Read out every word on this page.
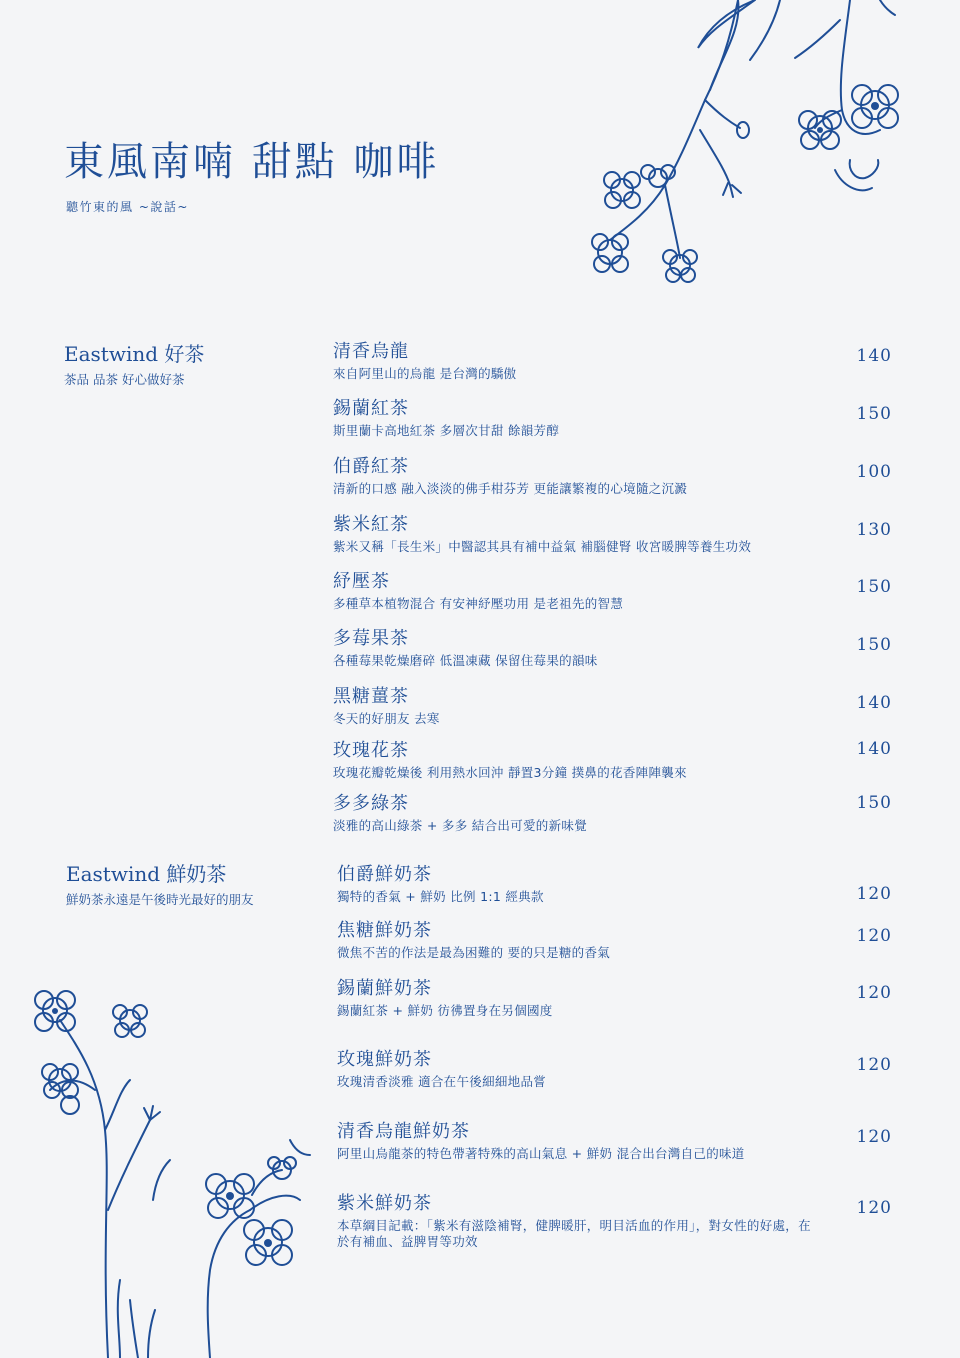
東風南喃 甜點 咖啡
聽竹東的風 ~說話~
Eastwind 好茶
茶品 品茶 好心做好茶
清香烏龍
來自阿里山的烏龍 是台灣的驕傲
140
錫蘭紅茶
斯里蘭卡高地紅茶 多層次甘甜 餘韻芳醇
150
伯爵紅茶
清新的口感 融入淡淡的佛手柑芬芳 更能讓繁複的心境隨之沉澱
100
紫米紅茶
紫米又稱「長生米」中醫認其具有補中益氣 補腦健腎 收宮暖脾等養生功效
130
紓壓茶
多種草本植物混合 有安神紓壓功用 是老祖先的智慧
150
多莓果茶
各種莓果乾燥磨碎 低溫凍藏 保留住莓果的韻味
150
黑糖薑茶
冬天的好朋友 去寒
140
玫瑰花茶
玫瑰花瓣乾燥後 利用熱水回沖 靜置3分鐘 撲鼻的花香陣陣襲來
140
多多綠茶
淡雅的高山綠茶 + 多多 結合出可愛的新味覺
150
Eastwind 鮮奶茶
鮮奶茶永遠是午後時光最好的朋友
伯爵鮮奶茶
獨特的香氣 + 鮮奶 比例 1:1 經典款	120
焦糖鮮奶茶
微焦不苦的作法是最為困難的 要的只是糖的香氣
120
錫蘭鮮奶茶
錫蘭紅茶 + 鮮奶 彷彿置身在另個國度
120
玫瑰鮮奶茶
玫瑰清香淡雅 適合在午後細細地品嘗
120
清香烏龍鮮奶茶
阿里山烏龍茶的特色帶著特殊的高山氣息 + 鮮奶 混合出台灣自己的味道
120
紫米鮮奶茶
本草綱目記載：「紫米有滋陰補腎，健脾暖肝，明目活血的作用」，對女性的好處，在於有補血、益脾胃等功效
120
